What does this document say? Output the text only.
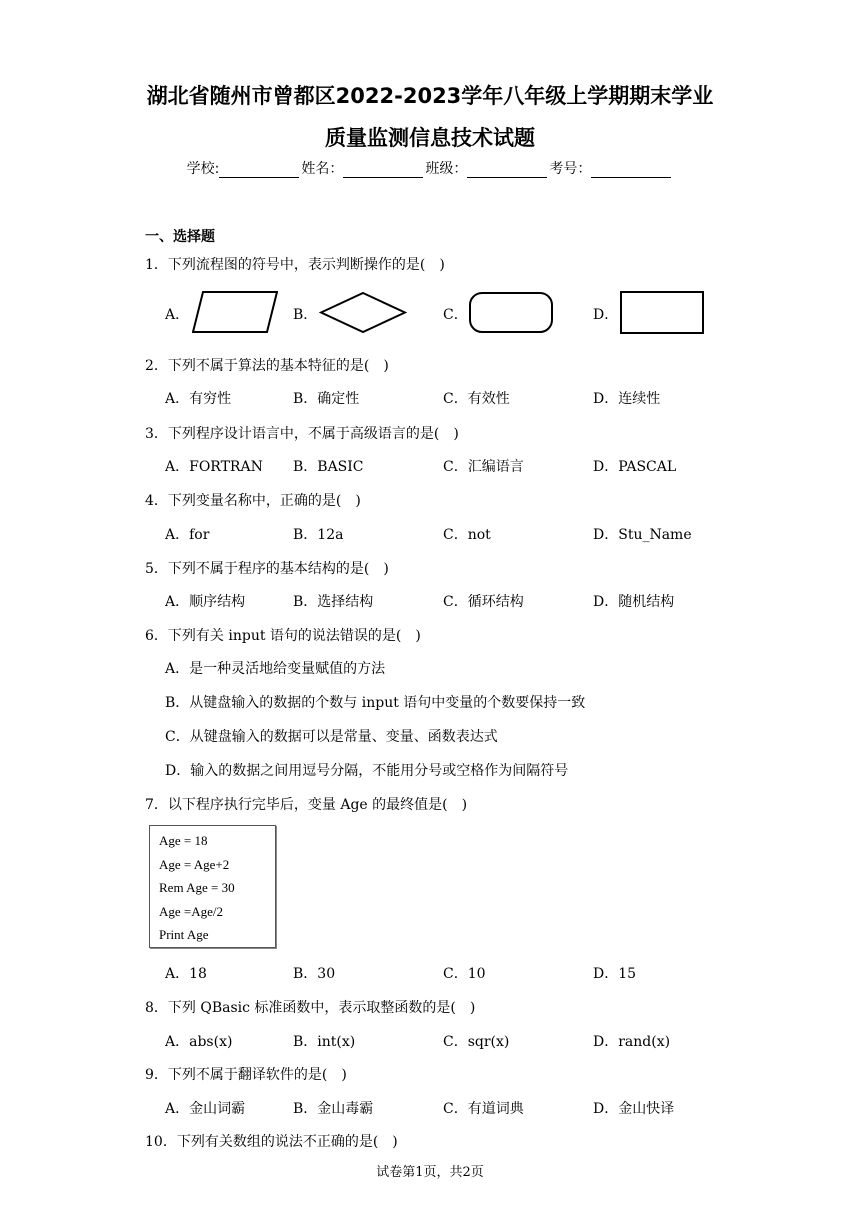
湖北省随州市曾都区2022-2023学年八年级上学期期末学业
质量监测信息技术试题
学校:	姓名：	班级：	考号：
一、选择题
1．下列流程图的符号中，表示判断操作的是(　)
A．	B．	C．	D．
2．下列不属于算法的基本特征的是(　)
A．有穷性	B．确定性	C．有效性	D．连续性
3．下列程序设计语言中，不属于高级语言的是(　)
A．FORTRAN B．BASIC	C．汇编语言	D．PASCAL
4．下列变量名称中，正确的是(　)
A．for	B．12a	C．not	D．Stu_Name
5．下列不属于程序的基本结构的是(　)
A．顺序结构	B．选择结构	C．循环结构	D．随机结构
6．下列有关 input 语句的说法错误的是(　)
A．是一种灵活地给变量赋值的方法
B．从键盘输入的数据的个数与 input 语句中变量的个数要保持一致
C．从键盘输入的数据可以是常量、变量、函数表达式
D．输入的数据之间用逗号分隔，不能用分号或空格作为间隔符号
7．以下程序执行完毕后，变量 Age 的最终值是(　)
Age = 18
Age = Age+2
Rem Age = 30
Age =Age/2
Print Age
A．18	B．30	C．10	D．15
8．下列 QBasic 标准函数中，表示取整函数的是(　)
A．abs(x)	B．int(x)	C．sqr(x)	D．rand(x)
9．下列不属于翻译软件的是(　)
A．金山词霸	B．金山毒霸	C．有道词典	D．金山快译
10．下列有关数组的说法不正确的是(　)
试卷第1页，共2页
